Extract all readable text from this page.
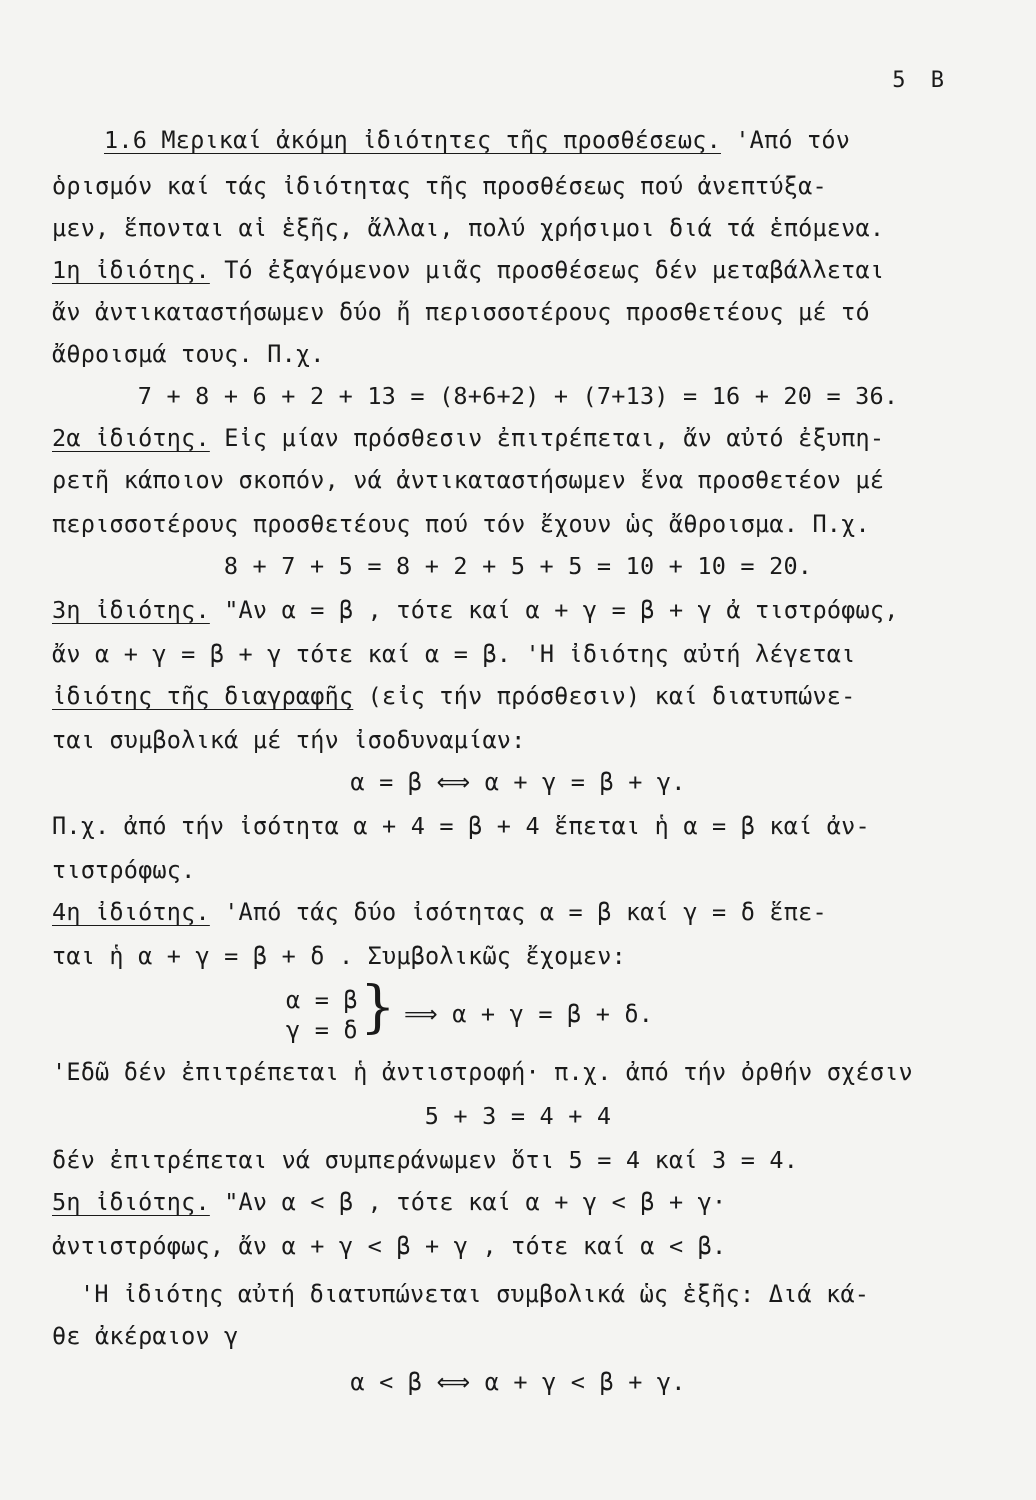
5 B
1.6 Μερικαί ἀκόμη ἰδιότητες τῆς προσθέσεως. 'Από τόν
ὁρισμόν καί τάς ἰδιότητας τῆς προσθέσεως πού ἀνεπτύξα-
μεν, ἕπονται αἱ ἑξῆς, ἄλλαι, πολύ χρήσιμοι διά τά ἑπόμενα.
1η ἰδιότης. Τό ἐξαγόμενον μιᾶς προσθέσεως δέν μεταβάλλεται
ἄν ἀντικαταστήσωμεν δύο ἤ περισσοτέρους προσθετέους μέ τό
ἄθροισμά τους. Π.χ.
7 + 8 + 6 + 2 + 13 = (8+6+2) + (7+13) = 16 + 20 = 36.
2α ἰδιότης. Εἰς μίαν πρόσθεσιν ἐπιτρέπεται, ἄν αὐτό ἐξυπη-
ρετῆ κάποιον σκοπόν, νά ἀντικαταστήσωμεν ἕνα προσθετέον μέ
περισσοτέρους προσθετέους πού τόν ἔχουν ὡς ἄθροισμα. Π.χ.
8 + 7 + 5 = 8 + 2 + 5 + 5 = 10 + 10 = 20.
3η ἰδιότης. "Αν α = β , τότε καί α + γ = β + γ ἀ τιστρόφως,
ἄν α + γ = β + γ τότε καί α = β. 'Η ἰδιότης αὐτή λέγεται
ἰδιότης τῆς διαγραφῆς (εἰς τήν πρόσθεσιν) καί διατυπώνε-
ται συμβολικά μέ τήν ἰσοδυναμίαν:
α = β ⟺ α + γ = β + γ.
Π.χ. ἀπό τήν ἰσότητα α + 4 = β + 4 ἕπεται ἡ α = β καί ἀν-
τιστρόφως.
4η ἰδιότης. 'Από τάς δύο ἰσότητας α = β καί γ = δ ἕπε-
ται ἡ α + γ = β + δ . Συμβολικῶς ἔχομεν:
α = β
γ = δ } ⟹ α + γ = β + δ.
'Εδῶ δέν ἐπιτρέπεται ἡ ἀντιστροφή· π.χ. ἀπό τήν ὀρθήν σχέσιν
5 + 3 = 4 + 4
δέν ἐπιτρέπεται νά συμπεράνωμεν ὅτι 5 = 4 καί 3 = 4.
5η ἰδιότης. "Αν α < β , τότε καί α + γ < β + γ·
ἀντιστρόφως, ἄν α + γ < β + γ , τότε καί α < β.
'Η ἰδιότης αὐτή διατυπώνεται συμβολικά ὡς ἑξῆς: Διά κά-
θε ἀκέραιον γ
α < β ⟺ α + γ < β + γ.
